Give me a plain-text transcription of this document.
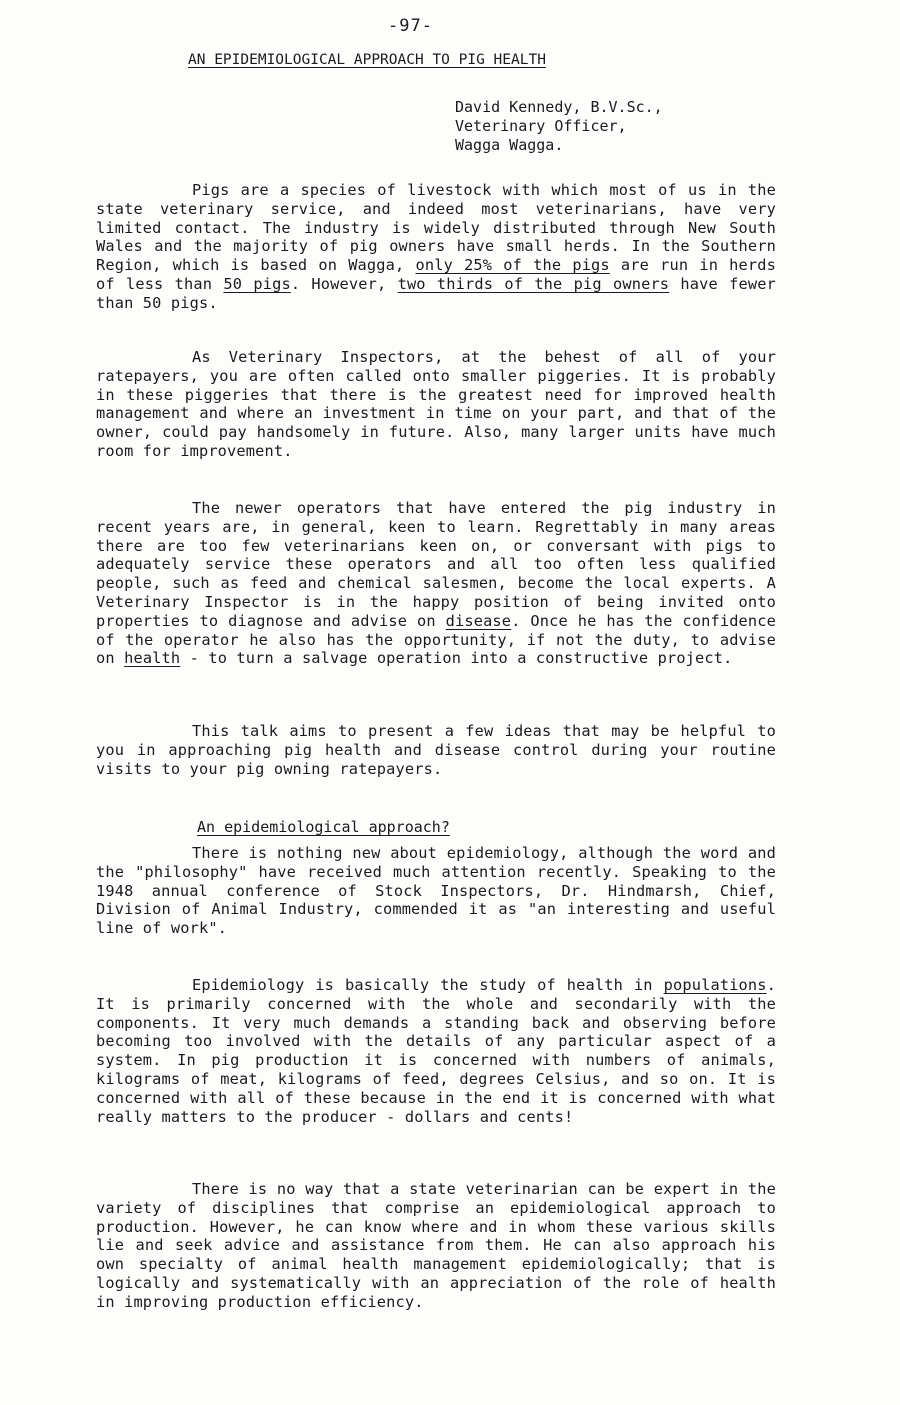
-97-
AN EPIDEMIOLOGICAL APPROACH TO PIG HEALTH
David Kennedy, B.V.Sc.,
Veterinary Officer,
Wagga Wagga.

Pigs are a species of livestock with which most of us in the state veterinary service, and indeed most veterinarians, have very limited contact. The industry is widely distributed through New South Wales and the majority of pig owners have small herds. In the Southern Region, which is based on Wagga, only 25% of the pigs are run in herds of less than 50 pigs. However, two thirds of the pig owners have fewer than 50 pigs.

As Veterinary Inspectors, at the behest of all of your ratepayers, you are often called onto smaller piggeries. It is probably in these piggeries that there is the greatest need for improved health management and where an investment in time on your part, and that of the owner, could pay handsomely in future. Also, many larger units have much room for improvement.

The newer operators that have entered the pig industry in recent years are, in general, keen to learn. Regrettably in many areas there are too few veterinarians keen on, or conversant with pigs to adequately service these operators and all too often less qualified people, such as feed and chemical salesmen, become the local experts. A Veterinary Inspector is in the happy position of being invited onto properties to diagnose and advise on disease. Once he has the confidence of the operator he also has the opportunity, if not the duty, to advise on health - to turn a salvage operation into a constructive project.

This talk aims to present a few ideas that may be helpful to you in approaching pig health and disease control during your routine visits to your pig owning ratepayers.

An epidemiological approach?

There is nothing new about epidemiology, although the word and the "philosophy" have received much attention recently. Speaking to the 1948 annual conference of Stock Inspectors, Dr. Hindmarsh, Chief, Division of Animal Industry, commended it as "an interesting and useful line of work".

Epidemiology is basically the study of health in populations. It is primarily concerned with the whole and secondarily with the components. It very much demands a standing back and observing before becoming too involved with the details of any particular aspect of a system. In pig production it is concerned with numbers of animals, kilograms of meat, kilograms of feed, degrees Celsius, and so on. It is concerned with all of these because in the end it is concerned with what really matters to the producer - dollars and cents!

There is no way that a state veterinarian can be expert in the variety of disciplines that comprise an epidemiological approach to production. However, he can know where and in whom these various skills lie and seek advice and assistance from them. He can also approach his own specialty of animal health management epidemiologically; that is logically and systematically with an appreciation of the role of health in improving production efficiency.
